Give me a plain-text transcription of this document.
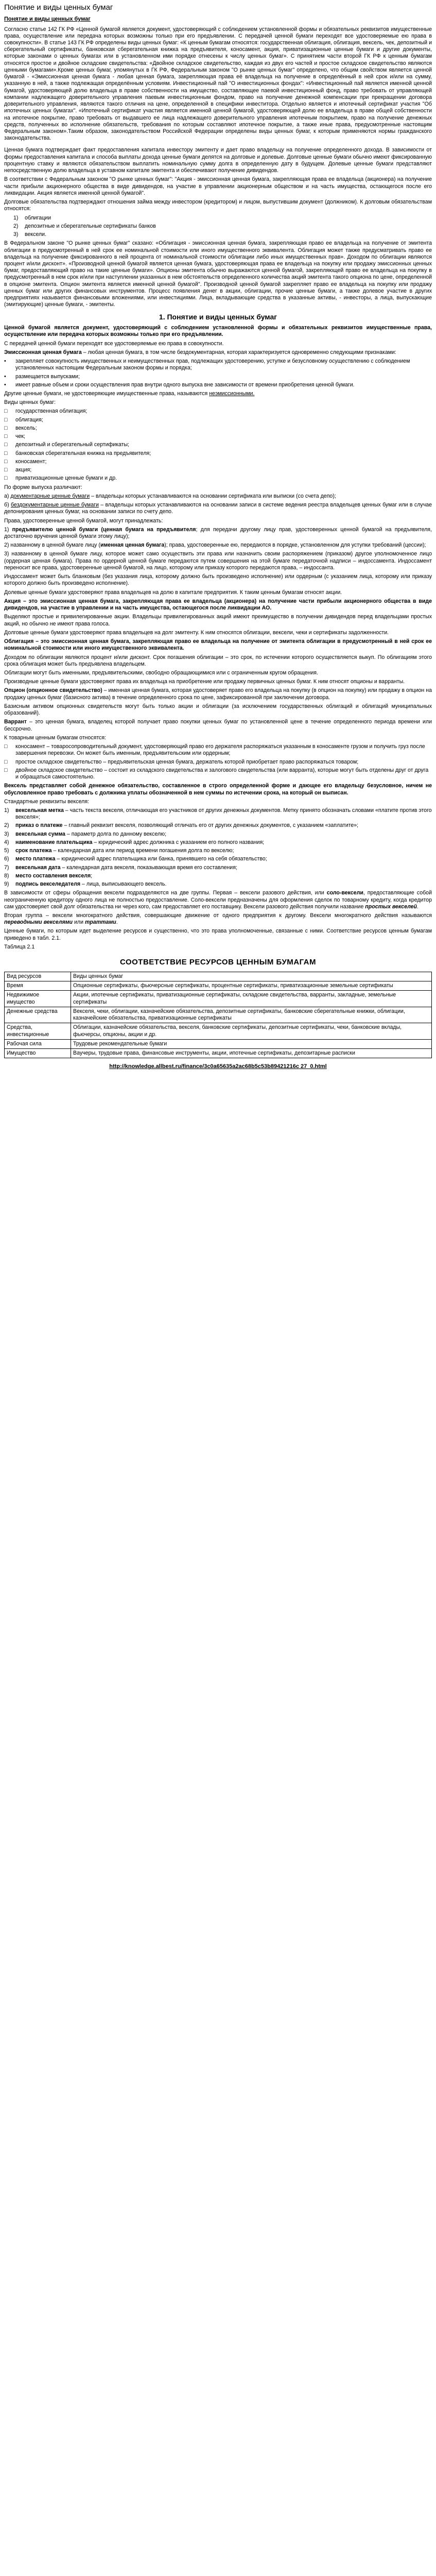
Понятие и виды ценных бумаг
Понятие и виды ценных бумаг

Согласно статье 142 ГК РФ «Ценной бумагой является документ, удостоверяющий с соблюдением установленной формы и обязательных реквизитов имущественные права, осуществление или передача которых возможны только при его предъявлении. С передачей ценной бумаги переходят все удостоверяемые ею права в совокупности». В статье 143 ГК РФ определены виды ценных бумаг: «К ценным бумагам относятся: государственная облигация, облигация, вексель, чек, депозитный и сберегательный сертификаты, банковская сберегательная книжка на предъявителя, коносамент, акция, приватизационные ценные бумаги и другие документы, которые законами о ценных бумагах или в установленном ими порядке отнесены к числу ценных бумаг». С принятием части второй ГК РФ к ценным бумагам относятся простое и двойное складские свидетельства: «Двойное складское свидетельство, каждая из двух его частей и простое складское свидетельство являются ценными бумагами».Кроме ценных бумаг, упомянутых в ГК РФ, Федеральным законом "О рынке ценных бумаг" определено, что общим свойством является ценной бумагой - «Эмиссионная ценная бумага - любая ценная бумага, закрепляющая права её владельца на получение в определённый в ней срок и/или на сумму, указанную в ней, а также подлежащая определённым условиям. Инвестиционный пай "О инвестиционных фондах": «Инвестиционный пай является именной ценной бумагой, удостоверяющей долю владельца в праве собственности на имущество, составляющее паевой инвестиционный фонд, право требовать от управляющей компании надлежащего доверительного управления паевым инвестиционным фондом, право на получение денежной компенсации при прекращении договора доверительного управления, являются такого отличия на цене, определенной в специфики инвеститора. Отдельно является и ипотечный сертификат участия "Об ипотечных ценных бумагах". «Ипотечный сертификат участия является именной ценной бумагой, удостоверяющей долю ее владельца в праве общей собственности на ипотечное покрытие, право требовать от выдавшего ее лица надлежащего доверительного управления ипотечным покрытием, право на получение денежных средств, полученных во исполнение обязательств, требования по которым составляют ипотечное покрытие, а также иные права, предусмотренные настоящим Федеральным законом».Таким образом, законодательством Российской Федерации определены виды ценных бумаг, к которым применяются нормы гражданского законодательства.

Ценная бумага подтверждает факт предоставления капитала инвестору эмитенту и дает право владельцу на получение определенного дохода. В зависимости от формы предоставления капитала и способа выплаты дохода ценные бумаги делятся на долговые и долевые. Долговые ценные бумаги обычно имеют фиксированную процентную ставку и являются обязательством выплатить номинальную сумму долга в определенную дату в будущем. Долевые ценные бумаги представляют непосредственную долю владельца в уставном капитале эмитента и обеспечивают получение дивидендов.

В соответствии с Федеральным законом "О рынке ценных бумаг": "Акция - эмиссионная ценная бумага, закрепляющая права ее владельца (акционера) на получение части прибыли акционерного общества в виде дивидендов, на участие в управлении акционерным обществом и на часть имущества, остающегося после его ликвидации. Акция является именной ценной бумагой".

Долговые обязательства подтверждают отношения займа между инвестором (кредитором) и лицом, выпустившим документ (должником). К долговым обязательствам относятся:

1)	облигации
2)	депозитные и сберегательные сертификаты банков
3)	вексели.

В Федеральном законе "О рынке ценных бумаг" сказано: «Облигация - эмиссионная ценная бумага, закрепляющая право ее владельца на получение от эмитента облигации в предусмотренный в ней срок ее номинальной стоимости или иного имущественного эквивалента. Облигация может также предусматривать право ее владельца на получение фиксированного в ней процента от номинальной стоимости облигации либо иных имущественных прав». Доходом по облигации являются процент и/или дисконт». «Производной ценной бумагой является ценная бумага, удостоверяющая права ее владельца на покупку или продажу эмиссионных ценных бумаг, предоставляющий право на такие ценные бумаги». Опционы эмитента обычно выражаются ценной бумагой, закрепляющей право ее владельца на покупку в предусмотренный в нем срок и/или при наступлении указанных в нем обстоятельств определенного количества акций эмитента такого опциона по цене, определенной в опционе эмитента. Опцион эмитента является именной ценной бумагой". Производной ценной бумагой закрепляет право ее владельца на покупку или продажу ценных бумаг или других финансовых инструментов. Процесс появления денег в акции, облигации, прочие ценные бумаги, а также долевое участие в других предприятиях называется финансовыми вложениями, или инвестициями. Лица, вкладывающие средства в указанные активы, - инвесторы, а лица, выпускающие (эмитирующие) ценные бумаги, - эмитенты.

1. Понятие и виды ценных бумаг

Ценной бумагой является документ, удостоверяющий с соблюдением установленной формы и обязательных реквизитов имущественные права, осуществление или передача которых возможны только при его предъявлении.

С передачей ценной бумаги переходят все удостоверяемые ею права в совокупности.

Эмиссионная ценная бумага – любая ценная бумага, в том числе бездокументарная, которая характеризуется одновременно следующими признаками:

•	закрепляет совокупность имущественных и неимущественных прав, подлежащих удостоверению, уступке и безусловному осуществлению с соблюдением установленных настоящим Федеральным законом формы и порядка;
•	размещается выпусками;
•	имеет равные объем и сроки осуществления прав внутри одного выпуска вне зависимости от времени приобретения ценной бумаги.

Другие ценные бумаги, не удостоверяющие имущественные права, называются неэмиссионными.

Виды ценных бумаг:

□	государственная облигация;
□	облигация;
□	вексель;
□	чек;
□	депозитный и сберегательный сертификаты;
□	банковская сберегательная книжка на предъявителя;
□	коносамент;
□	акция;
□	приватизационные ценные бумаги и др.

По форме выпуска различают:

а) документарные ценные бумаги – владельцы которых устанавливаются на основании сертификата или выписки (со счета депо);

б) бездокументарные ценные бумаги – владельцы которых устанавливаются на основании записи в системе ведения реестра владельцев ценных бумаг или в случае депонирования ценных бумаг, на основании записи по счету депо.

Права, удостоверенные ценной бумагой, могут принадлежать:

1) предъявителю ценной бумаги (ценная бумага на предъявителя; для передачи другому лицу прав, удостоверенных ценной бумагой на предъявителя, достаточно вручения ценной бумаги этому лицу);

2) названному в ценной бумаге лицу (именная ценная бумага); права, удостоверенные ею, передаются в порядке, установленном для уступки требований (цессии);

3) названному в ценной бумаге лицу, которое может само осуществить эти права или назначить своим распоряжением (приказом) другое уполномоченное лицо (ордерная ценная бумага). Права по ордерной ценной бумаге передаются путем совершения на этой бумаге передаточной надписи – индоссамента. Индоссамент переносит все права, удостоверенные ценной бумагой, на лицо, которому или приказу которого передаются права, – индоссанта.

Индоссамент может быть бланковым (без указания лица, которому должно быть произведено исполнение) или ордерным (с указанием лица, которому или приказу которого должно быть произведено исполнение).

Долевые ценные бумаги удостоверяют права владельцев на долю в капитале предприятия. К таким ценным бумагам относят акции.

Акция – это эмиссионная ценная бумага, закрепляющая права ее владельца (акционера) на получение части прибыли акционерного общества в виде дивидендов, на участие в управлении и на часть имущества, остающегося после ликвидации АО.

Выделяют простые и привилегированные акции. Владельцы привилегированных акций имеют преимущество в получении дивидендов перед владельцами простых акций, но обычно не имеют права голоса.

Долговые ценные бумаги удостоверяют права владельцев на долг эмитенту. К ним относятся облигации, вексели, чеки и сертификаты задолженности.

Облигация – это эмиссионная ценная бумага, закрепляющая право ее владельца на получение от эмитента облигации в предусмотренный в ней срок ее номинальной стоимости или иного имущественного эквивалента.

Доходом по облигации являются процент и/или дисконт. Срок погашения облигации – это срок, по истечении которого осуществляется выкуп. По облигациям этого срока облигация может быть предъявлена владельцем.

Облигации могут быть именными, предъявительскими, свободно обращающимися или с ограниченным кругом обращения.

Производные ценные бумаги удостоверяют права их владельца на приобретение или продажу первичных ценных бумаг. К ним относят опционы и варранты.

Опцион (опционное свидетельство) – именная ценная бумага, которая удостоверяет право его владельца на покупку (в опцион на покупку) или продажу в опцион на продажу ценных бумаг (базисного актива) в течение определенного срока по цене, зафиксированной при заключении договора.

Базисным активом опционных свидетельств могут быть только акции и облигации (за исключением государственных облигаций и облигаций муниципальных образований).

Варрант – это ценная бумага, владелец которой получает право покупки ценных бумаг по установленной цене в течение определенного периода времени или бессрочно.

К товарным ценным бумагам относятся:

□	коносамент – товаросопроводительный документ, удостоверяющий право его держателя распоряжаться указанным в коносаменте грузом и получить груз после завершения перевозки. Он может быть именным, предъявительским или ордерным;
□	простое складское свидетельство – предъявительская ценная бумага, держатель которой приобретает право распоряжаться товаром;
□	двойное складское свидетельство – состоит из складского свидетельства и залогового свидетельства (или варранта), которые могут быть отделены друг от друга и обращаться самостоятельно.

Вексель представляет собой денежное обязательство, составленное в строго определенной форме и дающее его владельцу безусловное, ничем не обусловленное право требовать с должника уплаты обозначенной в нем суммы по истечении срока, на который он выписан.

Стандартные реквизиты векселя:

1)	вексельная метка – часть текста векселя, отличающая его участников от других денежных документов. Метку принято обозначать словами «платите против этого векселя»;
2)	приказ о платеже – главный реквизит векселя, позволяющий отличать его от других денежных документов, с указанием «заплатите»;
3)	вексельная сумма – параметр долга по данному векселю;
4)	наименование плательщика – юридический адрес должника с указанием его полного названия;
5)	срок платежа – календарная дата или период времени погашения долга по векселю;
6)	место платежа – юридический адрес плательщика или банка, принявшего на себя обязательство;
7)	вексельная дата – календарная дата векселя, показывающая время его составления;
8)	место составления векселя;
9)	подпись векселедателя – лица, выписывающего вексель.

В зависимости от сферы обращения вексели подразделяются на две группы. Первая – вексели разового действия, или соло-вексели, предоставляющие собой неограниченную кредитору одного лица не полностью предоставление. Соло-вексели предназначены для оформления сделок по товарному кредиту, когда кредитор сам удостоверяет свой долг обязательства ни через кого, сам предоставляет его поставщику. Вексели разового действия получили название простых векселей.

Вторая группа – вексели многократного действия, совершающие движение от одного предприятия к другому. Вексели многократного действия называются переводными векселями или траттами.

Ценные бумаги, по которым идет выделение ресурсов и существенно, что это права уполномоченные, связанные с ними. Соответствие ресурсов ценным бумагам приведено в табл. 2.1.

Таблица 2.1

СООТВЕТСТВИЕ РЕСУРСОВ ЦЕННЫМ БУМАГАМ
Вид ресурсов	Виды ценных бумаг
Время	Опционные сертификаты, фьючерсные сертификаты, процентные сертификаты, приватизационные земельные сертификаты
Недвижимое имущество	Акции, ипотечные сертификаты, приватизационные сертификаты, складские свидетельства, варранты, закладные, земельные сертификаты
Денежные средства	Векселя, чеки, облигации, казначейские обязательства, депозитные сертификаты, банковские сберегательные книжки, облигации, казначейские обязательства, приватизационные сертификаты
Средства, инвестиционные	Облигации, казначейские обязательства, векселя, банковские сертификаты, депозитные сертификаты, чеки, банковские вклады, фьючерсы, опционы, акции и др.
Рабочая сила	Трудовые рекомендательные бумаги
Имущество	Ваучеры, трудовые права, финансовые инструменты, акции, ипотечные сертификаты, депозитарные расписки
http://knowledge.allbest.ru/finance/3c0a65635a2ac68b5c53b89421216c 27_0.html
